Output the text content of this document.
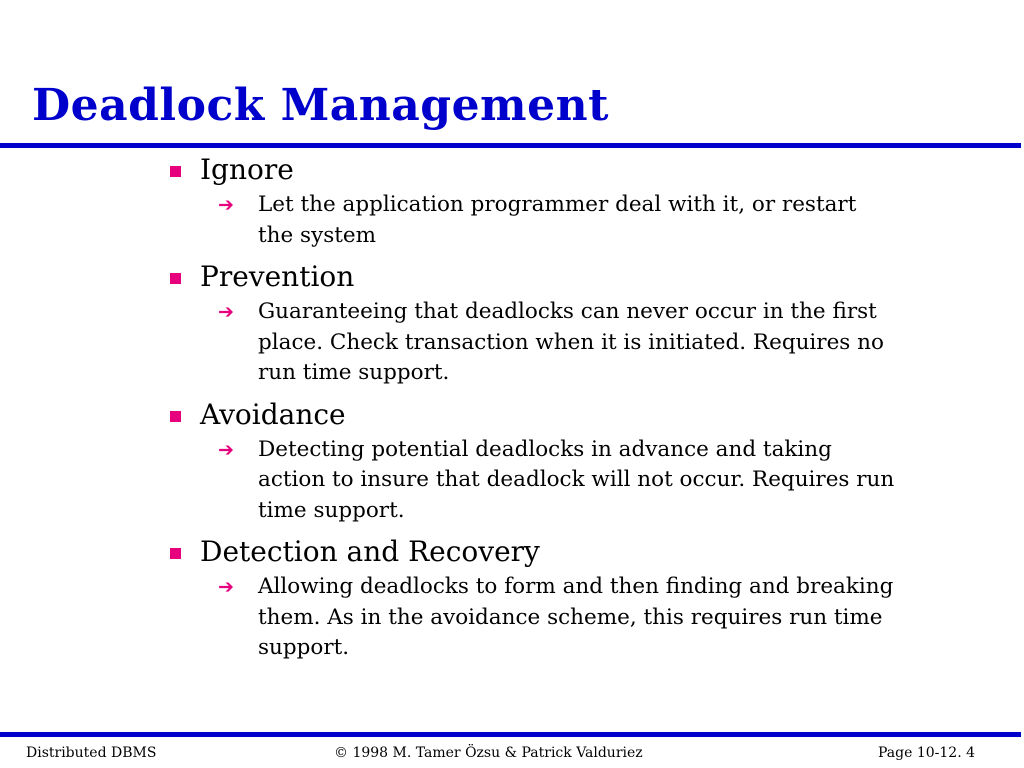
Deadlock Management
Ignore
➔	Let the application programmer deal with it, or restart the system
Prevention
➔	Guaranteeing that deadlocks can never occur in the first place. Check transaction when it is initiated. Requires no run time support.
Avoidance
➔	Detecting potential deadlocks in advance and taking action to insure that deadlock will not occur. Requires run time support.
Detection and Recovery
➔	Allowing deadlocks to form and then finding and breaking them. As in the avoidance scheme, this requires run time support.
Distributed DBMS	© 1998 M. Tamer Özsu & Patrick Valduriez	Page 10-12. 4
